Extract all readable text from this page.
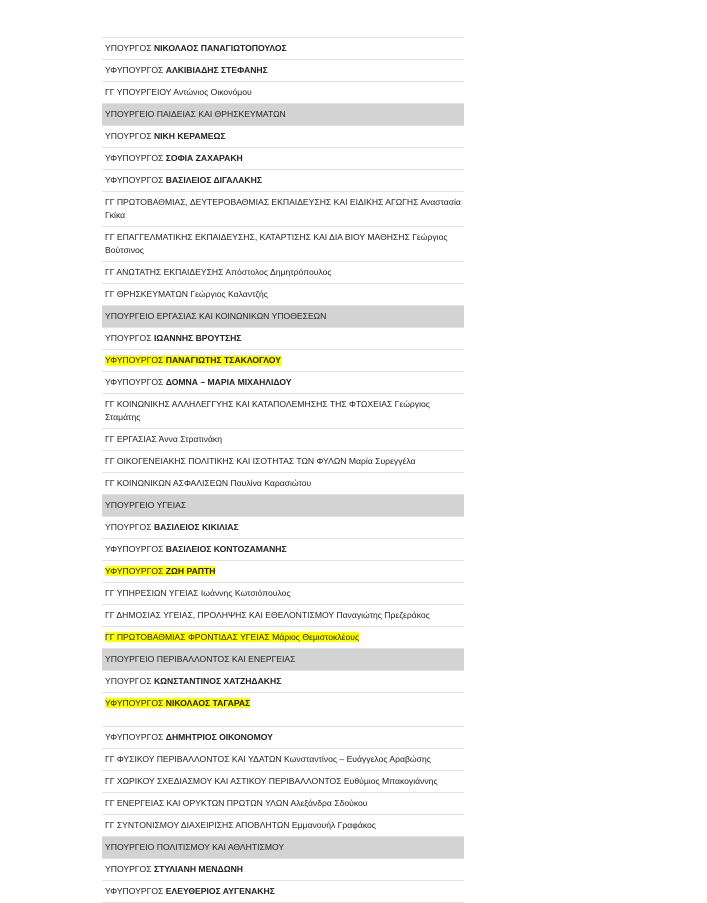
ΥΠΟΥΡΓΟΣ ΝΙΚΟΛΑΟΣ ΠΑΝΑΓΙΩΤΟΠΟΥΛΟΣ
ΥΦΥΠΟΥΡΓΟΣ ΑΛΚΙΒΙΑΔΗΣ ΣΤΕΦΑΝΗΣ
ΓΓ ΥΠΟΥΡΓΕΙΟΥ Αντώνιος Οικονόμου
ΥΠΟΥΡΓΕΙΟ ΠΑΙΔΕΙΑΣ ΚΑΙ ΘΡΗΣΚΕΥΜΑΤΩΝ
ΥΠΟΥΡΓΟΣ ΝΙΚΗ ΚΕΡΑΜΕΩΣ
ΥΦΥΠΟΥΡΓΟΣ ΣΟΦΙΑ ΖΑΧΑΡΑΚΗ
ΥΦΥΠΟΥΡΓΟΣ ΒΑΣΙΛΕΙΟΣ ΔΙΓΑΛΑΚΗΣ
ΓΓ ΠΡΩΤΟΒΑΘΜΙΑΣ, ΔΕΥΤΕΡΟΒΑΘΜΙΑΣ ΕΚΠΑΙΔΕΥΣΗΣ ΚΑΙ ΕΙΔΙΚΗΣ ΑΓΩΓΗΣ Αναστασία Γκίκα
ΓΓ ΕΠΑΓΓΕΛΜΑΤΙΚΗΣ ΕΚΠΑΙΔΕΥΣΗΣ, ΚΑΤΑΡΤΙΣΗΣ ΚΑΙ ΔΙΑ ΒΙΟΥ ΜΑΘΗΣΗΣ Γεώργιος Βούτσινος
ΓΓ ΑΝΩΤΑΤΗΣ ΕΚΠΑΙΔΕΥΣΗΣ Απόστολος Δημητρόπουλος
ΓΓ ΘΡΗΣΚΕΥΜΑΤΩΝ Γεώργιος Καλαντζής
ΥΠΟΥΡΓΕΙΟ ΕΡΓΑΣΙΑΣ ΚΑΙ ΚΟΙΝΩΝΙΚΩΝ ΥΠΟΘΕΣΕΩΝ
ΥΠΟΥΡΓΟΣ ΙΩΑΝΝΗΣ ΒΡΟΥΤΣΗΣ
ΥΦΥΠΟΥΡΓΟΣ ΠΑΝΑΓΙΩΤΗΣ ΤΣΑΚΛΟΓΛΟΥ
ΥΦΥΠΟΥΡΓΟΣ ΔΟΜΝΑ – ΜΑΡΙΑ ΜΙΧΑΗΛΙΔΟΥ
ΓΓ ΚΟΙΝΩΝΙΚΗΣ ΑΛΛΗΛΕΓΓΥΗΣ ΚΑΙ ΚΑΤΑΠΟΛΕΜΗΣΗΣ ΤΗΣ ΦΤΩΧΕΙΑΣ Γεώργιος Σταμάτης
ΓΓ ΕΡΓΑΣΙΑΣ Άννα Στρατινάκη
ΓΓ ΟΙΚΟΓΕΝΕΙΑΚΗΣ ΠΟΛΙΤΙΚΗΣ ΚΑΙ ΙΣΟΤΗΤΑΣ ΤΩΝ ΦΥΛΩΝ Μαρία Συρεγγέλα
ΓΓ ΚΟΙΝΩΝΙΚΩΝ ΑΣΦΑΛΙΣΕΩΝ Παυλίνα Καρασιώτου
ΥΠΟΥΡΓΕΙΟ ΥΓΕΙΑΣ
ΥΠΟΥΡΓΟΣ ΒΑΣΙΛΕΙΟΣ ΚΙΚΙΛΙΑΣ
ΥΦΥΠΟΥΡΓΟΣ ΒΑΣΙΛΕΙΟΣ ΚΟΝΤΟΖΑΜΑΝΗΣ
ΥΦΥΠΟΥΡΓΟΣ ΖΩΗ ΡΑΠΤΗ
ΓΓ ΥΠΗΡΕΣΙΩΝ ΥΓΕΙΑΣ Ιωάννης Κωτσιόπουλος
ΓΓ ΔΗΜΟΣΙΑΣ ΥΓΕΙΑΣ, ΠΡΟΛΗΨΗΣ ΚΑΙ ΕΘΕΛΟΝΤΙΣΜΟΥ Παναγιώτης Πρεζεράκος
ΓΓ ΠΡΩΤΟΒΑΘΜΙΑΣ ΦΡΟΝΤΙΔΑΣ ΥΓΕΙΑΣ Μάριος Θεμιστοκλέους
ΥΠΟΥΡΓΕΙΟ ΠΕΡΙΒΑΛΛΟΝΤΟΣ ΚΑΙ ΕΝΕΡΓΕΙΑΣ
ΥΠΟΥΡΓΟΣ ΚΩΝΣΤΑΝΤΙΝΟΣ ΧΑΤΖΗΔΑΚΗΣ
ΥΦΥΠΟΥΡΓΟΣ ΝΙΚΟΛΑΟΣ ΤΑΓΑΡΑΣ
ΥΦΥΠΟΥΡΓΟΣ ΔΗΜΗΤΡΙΟΣ ΟΙΚΟΝΟΜΟΥ
ΓΓ ΦΥΣΙΚΟΥ ΠΕΡΙΒΑΛΛΟΝΤΟΣ ΚΑΙ ΥΔΑΤΩΝ Κωνσταντίνος – Ευάγγελος Αραβώσης
ΓΓ ΧΩΡΙΚΟΥ ΣΧΕΔΙΑΣΜΟΥ ΚΑΙ ΑΣΤΙΚΟΥ ΠΕΡΙΒΑΛΛΟΝΤΟΣ Ευθύμιος Μπακογιάννης
ΓΓ ΕΝΕΡΓΕΙΑΣ ΚΑΙ ΟΡΥΚΤΩΝ ΠΡΩΤΩΝ ΥΛΩΝ Αλεξάνδρα Σδούκου
ΓΓ ΣΥΝΤΟΝΙΣΜΟΥ ΔΙΑΧΕΙΡΙΣΗΣ ΑΠΟΒΛΗΤΩΝ Εμμανουήλ Γραφάκος
ΥΠΟΥΡΓΕΙΟ ΠΟΛΙΤΙΣΜΟΥ ΚΑΙ ΑΘΛΗΤΙΣΜΟΥ
ΥΠΟΥΡΓΟΣ ΣΤΥΛΙΑΝΗ ΜΕΝΔΩΝΗ
ΥΦΥΠΟΥΡΓΟΣ ΕΛΕΥΘΕΡΙΟΣ ΑΥΓΕΝΑΚΗΣ
